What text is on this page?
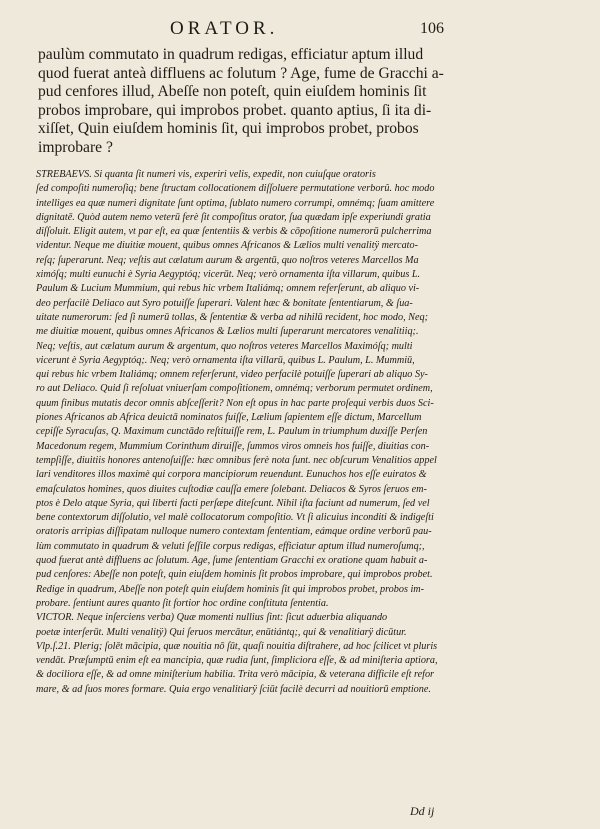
ORATOR.	106
paulùm commutato in quadrum redigas, efficiatur aptum illud
quod fuerat anteà diffluens ac folutum ? Age, fume de Gracchi a-
pud cenfores illud, Abeſſe non poteſt, quin eiuſdem hominis ſit
probos improbare, qui improbos probet. quanto aptius, ſi ita di-
xiſſet, Quin eiuſdem hominis ſit, qui improbos probet, probos
improbare ?
STREBAEVS. Si quanta ſit numeri vis, experiri velis, expedit, non cuiuſque oratoris
ſed compoſiti numeroſiq; bene ſtructam collocationem diſſoluere permutatione verborû. hoc modo
intelliges ea quæ numeri dignitate ſunt optima, ſublato numero corrumpi, omnémq; ſuam amittere
dignitatē. Quòd autem nemo veterū ferè ſit compoſitus orator, ſua quædam ipſe experiundi gratia
diſſoluit. Eligit autem, vt par eſt, ea quæ ſententiis & verbis & cōpoſitione numerorū pulcherrima
videntur. Neque me diuitiæ mouent, quibus omnes Africanos & Lælios multi venalitÿ mercato-
reſq; ſuperarunt. Neq; veſtis aut cælatum aurum & argentū, quo noſtros veteres Marcellos Ma
ximóſq; multi eunuchi è Syria Aegyptóq; vicerūt. Neq; verò ornamenta iſta villarum, quibus L.
Paulum & Lucium Mummium, qui rebus hic vrbem Italiámq; omnem referſerunt, ab aliquo vi-
deo perfacilè Deliaco aut Syro potuiſſe ſuperari. Valent hæc & bonitate ſententiarum, & ſua-
uitate numerorum: ſed ſi numerū tollas, & ſententiæ & verba ad nihilū recident, hoc modo, Neq;
me diuitiæ mouent, quibus omnes Africanos & Lælios multi ſuperarunt mercatores venalitiiq;.
Neq; veſtis, aut cælatum aurum & argentum, quo noſtros veteres Marcellos Maximóſq; multi
vicerunt è Syria Aegyptóq;. Neq; verò ornamenta iſta villarū, quibus L. Paulum, L. Mummiū,
qui rebus hic vrbem Italiámq; omnem referſerunt, video perfacilè potuiſſe ſuperari ab aliquo Sy-
ro aut Deliaco. Quid ſi reſoluat vniuerſam compoſitionem, omnémq; verborum permutet ordinem,
quum finibus mutatis decor omnis abſceſſerit? Non eſt opus in hac parte proſequi verbis duos Sci-
piones Africanos ab Africa deuictā nominatos fuiſſe, Lælium ſapientem eſſe dictum, Marcellum
cepiſſe Syracuſas, Q. Maximum cunctādo reſtituiſſe rem, L. Paulum in triumphum duxiſſe Perſen
Macedonum regem, Mummium Corinthum diruiſſe, ſummos viros omneis hos fuiſſe, diuitias con-
tempſiſſe, diuitiis honores anteпoſuiſſe: hæc omnibus ferè nota ſunt. nec obſcurum Venalitios appel
lari venditores illos maximè qui corpora mancipiorum reuendunt. Eunuchos hos eſſe euiratos &
emaſculatos homines, quos diuites cuſtodiæ cauſſa emere ſolebant. Deliacos & Syros ſeruos em-
ptos è Delo atque Syria, qui liberti facti perſæpe diteſcunt. Nihil iſta faciunt ad numerum, ſed vel
bene contextorum diſſolutio, vel malè collocatorum compoſitio. Vt ſi alicuius inconditi & indigeſti
oratoris arripias diſſipatam nulloque numero contextam ſententiam, eámque ordine verborū pau-
lùm commutato in quadrum & veluti ſeſſile corpus redigas, efficiatur aptum illud numeroſumq;,
quod fuerat antè diffluens ac ſolutum. Age, ſume ſententiam Gracchi ex oratione quam habuit a-
pud cenſores: Abeſſe non poteſt, quin eiuſdem hominis ſit probos improbare, qui improbos probet.
Redige in quadrum, Abeſſe non poteſt quin eiuſdem hominis ſit qui improbos probet, probos im-
probare. ſentiunt aures quanto ſit fortior hoc ordine conſtituta ſententia.
VICTOR. Neque inſerciens verba) Quæ momenti nullius ſint: ſicut aduerbia aliquando
poetæ interſerūt. Multi venalitÿ) Qui ſeruos mercātur, enūtiántq;, qui & venalitiarÿ dicūtur.
Vlp.ſ.21. Plerig; ſolēt mācipia, quæ nouitia nō ſūt, quaſi nouitia diſtrahere, ad hoc ſcilicet vt pluris
vendāt. Præſumptū enim eſt ea mancipia, quæ rudia ſunt, ſimpliciora eſſe, & ad miniſteria aptiora,
& dociliora eſſe, & ad omne miniſterium habilia. Trita verò mācipia, & veterana difficile eſt refor
mare, & ad ſuos mores formare. Quia ergo venalitiarÿ ſciūt facilè decurri ad nouitiorū emptione.
Dd ij
